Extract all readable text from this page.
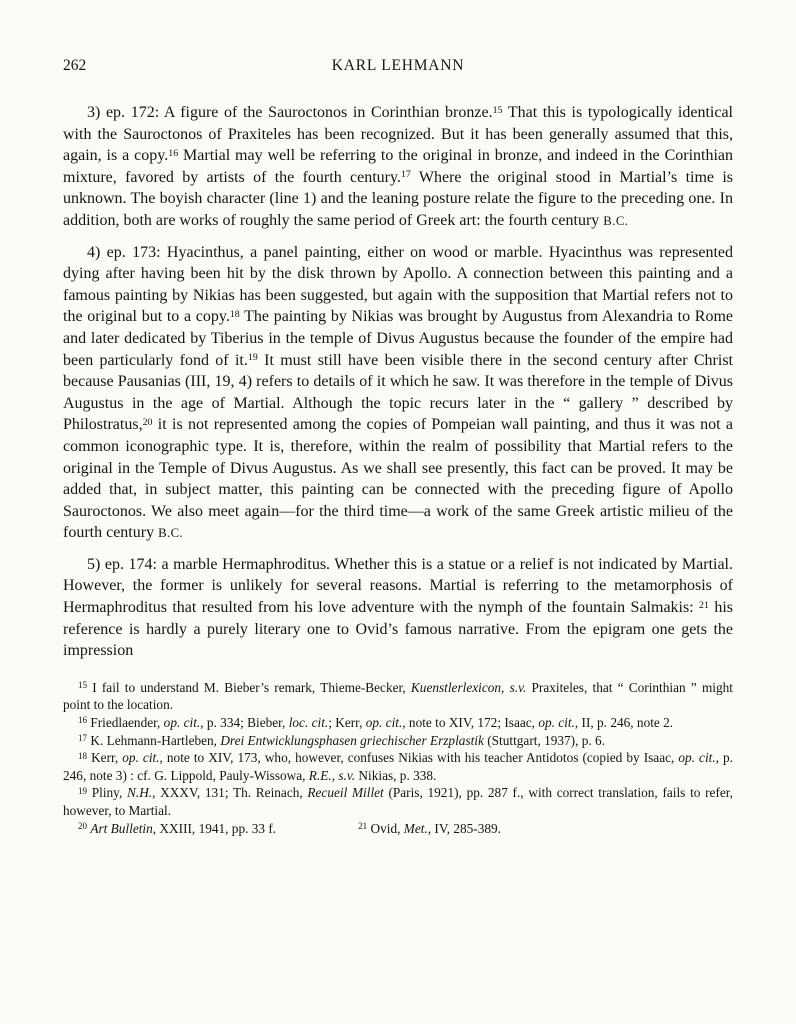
262	KARL LEHMANN

3) ep. 172: A figure of the Sauroctonos in Corinthian bronze.$^{15}$ That this is typologically identical with the Sauroctonos of Praxiteles has been recognized. But it has been generally assumed that this, again, is a copy.$^{16}$ Martial may well be referring to the original in bronze, and indeed in the Corinthian mixture, favored by artists of the fourth century.$^{17}$ Where the original stood in Martial’s time is unknown. The boyish character (line 1) and the leaning posture relate the figure to the preceding one. In addition, both are works of roughly the same period of Greek art: the fourth century B.C.

4) ep. 173: Hyacinthus, a panel painting, either on wood or marble. Hyacinthus was represented dying after having been hit by the disk thrown by Apollo. A connection between this painting and a famous painting by Nikias has been suggested, but again with the supposition that Martial refers not to the original but to a copy.$^{18}$ The painting by Nikias was brought by Augustus from Alexandria to Rome and later dedicated by Tiberius in the temple of Divus Augustus because the founder of the empire had been particularly fond of it.$^{19}$ It must still have been visible there in the second century after Christ because Pausanias (III, 19, 4) refers to details of it which he saw. It was therefore in the temple of Divus Augustus in the age of Martial. Although the topic recurs later in the “ gallery ” described by Philostratus,$^{20}$ it is not represented among the copies of Pompeian wall painting, and thus it was not a common iconographic type. It is, therefore, within the realm of possibility that Martial refers to the original in the Temple of Divus Augustus. As we shall see presently, this fact can be proved. It may be added that, in subject matter, this painting can be connected with the preceding figure of Apollo Sauroctonos. We also meet again—for the third time—a work of the same Greek artistic milieu of the fourth century B.C.

5) ep. 174: a marble Hermaphroditus. Whether this is a statue or a relief is not indicated by Martial. However, the former is unlikely for several reasons. Martial is referring to the metamorphosis of Hermaphroditus that resulted from his love adventure with the nymph of the fountain Salmakis: $^{21}$ his reference is hardly a purely literary one to Ovid’s famous narrative. From the epigram one gets the impression

$^{15}$ I fail to understand M. Bieber’s remark, Thieme-Becker, Kuenstlerlexicon, s.v. Praxiteles, that “ Corinthian ” might point to the location.

$^{16}$ Friedlaender, op. cit., p. 334; Bieber, loc. cit.; Kerr, op. cit., note to XIV, 172; Isaac, op. cit., II, p. 246, note 2.

$^{17}$ K. Lehmann-Hartleben, Drei Entwicklungsphasen griechischer Erzplastik (Stuttgart, 1937), p. 6.

$^{18}$ Kerr, op. cit., note to XIV, 173, who, however, confuses Nikias with his teacher Antidotos (copied by Isaac, op. cit., p. 246, note 3) : cf. G. Lippold, Pauly-Wissowa, R.E., s.v. Nikias, p. 338.

$^{19}$ Pliny, N.H., XXXV, 131; Th. Reinach, Recueil Millet (Paris, 1921), pp. 287 f., with correct translation, fails to refer, however, to Martial.

$^{20}$ Art Bulletin, XXIII, 1941, pp. 33 f.	$^{21}$ Ovid, Met., IV, 285-389.
